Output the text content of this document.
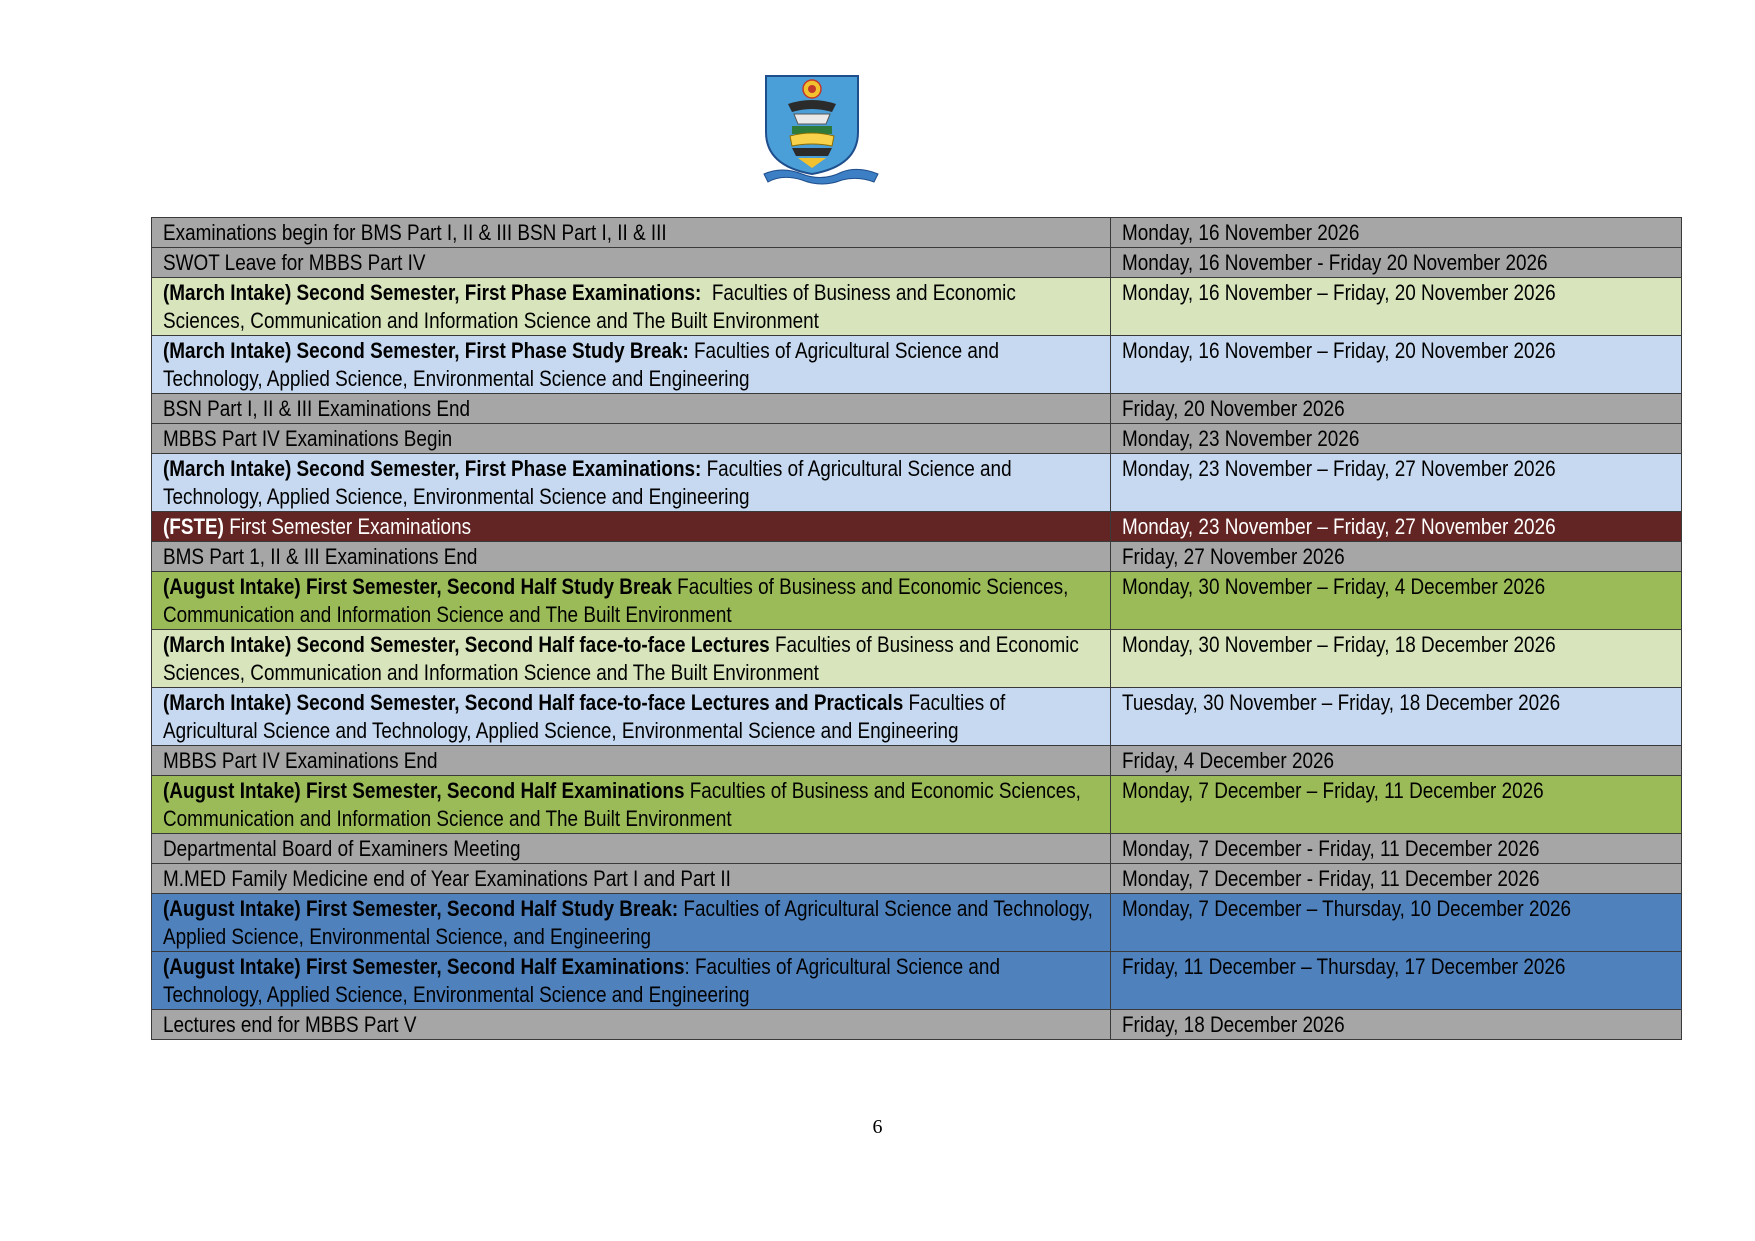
Examinations begin for BMS Part I, II & III BSN Part I, II & III	Monday, 16 November 2026
SWOT Leave for MBBS Part IV	Monday, 16 November - Friday 20 November 2026
(March Intake) Second Semester, First Phase Examinations:  Faculties of Business and Economic Sciences, Communication and Information Science and The Built Environment	Monday, 16 November – Friday, 20 November 2026
(March Intake) Second Semester, First Phase Study Break: Faculties of Agricultural Science and Technology, Applied Science, Environmental Science and Engineering	Monday, 16 November – Friday, 20 November 2026
BSN Part I, II & III Examinations End	Friday, 20 November 2026
MBBS Part IV Examinations Begin	Monday, 23 November 2026
(March Intake) Second Semester, First Phase Examinations: Faculties of Agricultural Science and Technology, Applied Science, Environmental Science and Engineering	Monday, 23 November – Friday, 27 November 2026
(FSTE) First Semester Examinations	Monday, 23 November – Friday, 27 November 2026
BMS Part 1, II & III Examinations End	Friday, 27 November 2026
(August Intake) First Semester, Second Half Study Break Faculties of Business and Economic Sciences, Communication and Information Science and The Built Environment	Monday, 30 November – Friday, 4 December 2026
(March Intake) Second Semester, Second Half face-to-face Lectures Faculties of Business and Economic Sciences, Communication and Information Science and The Built Environment	Monday, 30 November – Friday, 18 December 2026
(March Intake) Second Semester, Second Half face-to-face Lectures and Practicals Faculties of Agricultural Science and Technology, Applied Science, Environmental Science and Engineering	Tuesday, 30 November – Friday, 18 December 2026
MBBS Part IV Examinations End	Friday, 4 December 2026
(August Intake) First Semester, Second Half Examinations Faculties of Business and Economic Sciences, Communication and Information Science and The Built Environment	Monday, 7 December – Friday, 11 December 2026
Departmental Board of Examiners Meeting	Monday, 7 December - Friday, 11 December 2026
M.MED Family Medicine end of Year Examinations Part I and Part II	Monday, 7 December - Friday, 11 December 2026
(August Intake) First Semester, Second Half Study Break: Faculties of Agricultural Science and Technology, Applied Science, Environmental Science, and Engineering	Monday, 7 December – Thursday, 10 December 2026
(August Intake) First Semester, Second Half Examinations: Faculties of Agricultural Science and Technology, Applied Science, Environmental Science and Engineering	Friday, 11 December – Thursday, 17 December 2026
Lectures end for MBBS Part V	Friday, 18 December 2026
6
